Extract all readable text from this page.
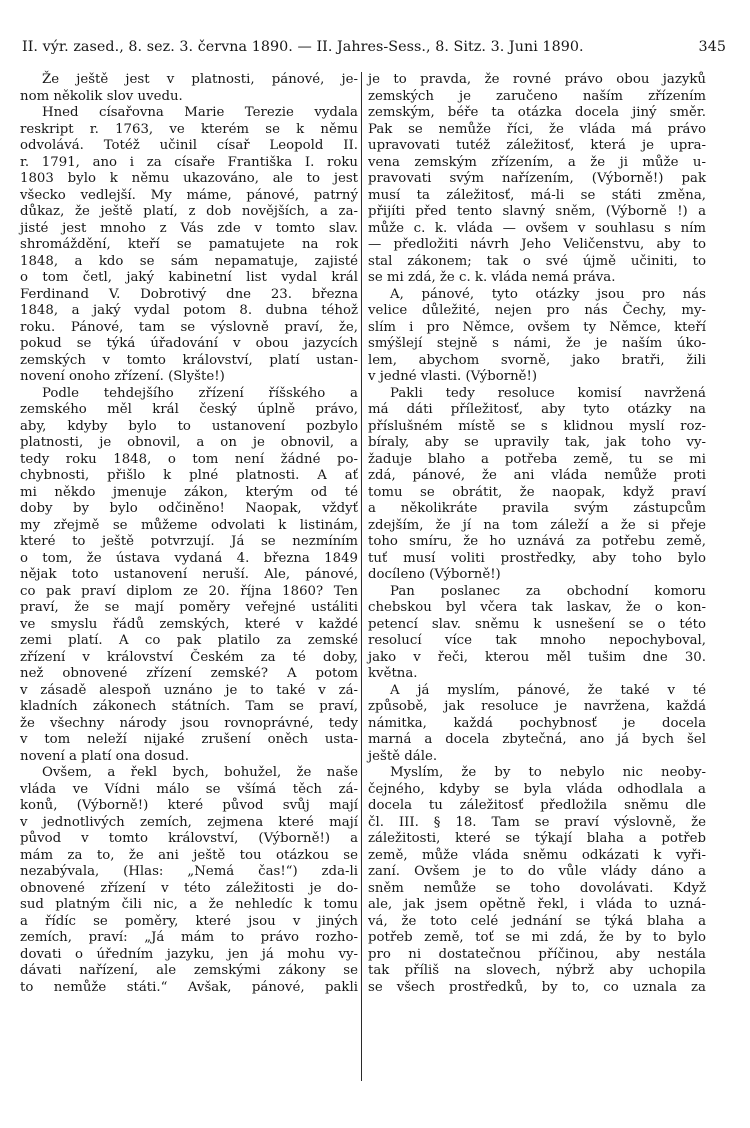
II. výr. zased., 8. sez. 3. června 1890. — II. Jahres-Sess., 8. Sitz. 3. Juni 1890.	345
Že ještě jest v platnosti, pánové, je-
nom několik slov uvedu.
Hned císařovna Marie Terezie vydala
reskript r. 1763, ve kterém se k němu
odvolává. Totéž učinil císař Leopold II.
r. 1791, ano i za císaře Františka I. roku
1803 bylo k němu ukazováno, ale to jest
všecko vedlejší. My máme, pánové, patrný
důkaz, že ještě platí, z dob novějších, a za-
jisté jest mnoho z Vás zde v tomto slav.
shromáždění, kteří se pamatujete na rok
1848, a kdo se sám nepamatuje, zajisté
o tom četl, jaký kabinetní list vydal král
Ferdinand V. Dobrotivý dne 23. března
1848, a jaký vydal potom 8. dubna téhož
roku. Pánové, tam se výslovně praví, že,
pokud se týká úřadování v obou jazycích
zemských v tomto království, platí ustan-
novení onoho zřízení. (Slyšte!)
Podle tehdejšího zřízení říšského a
zemského měl král český úplně právo,
aby, kdyby bylo to ustanovení pozbylo
platnosti, je obnovil, a on je obnovil, a
tedy roku 1848, o tom není žádné po-
chybnosti, přišlo k plné platnosti. A ať
mi někdo jmenuje zákon, kterým od té
doby by bylo odčiněno! Naopak, vždyť
my zřejmě se můžeme odvolati k listinám,
které to ještě potvrzují. Já se nezmíním
o tom, že ústava vydaná 4. března 1849
nějak toto ustanovení neruší. Ale, pánové,
co pak praví diplom ze 20. října 1860? Ten
praví, že se mají poměry veřejné ustáliti
ve smyslu řádů zemských, které v každé
zemi platí. A co pak platilo za zemské
zřízení v království Českém za té doby,
než obnovené zřízení zemské? A potom
v zásadě alespoň uznáno je to také v zá-
kladních zákonech státních. Tam se praví,
že všechny národy jsou rovnoprávné, tedy
v tom neleží nijaké zrušení oněch usta-
novení a platí ona dosud.
Ovšem, a řekl bych, bohužel, že naše
vláda ve Vídni málo se všímá těch zá-
konů, (Výborně!) které původ svůj mají
v jednotlivých zemích, zejmena které mají
původ v tomto království, (Výborně!) a
mám za to, že ani ještě tou otázkou se
nezabývala, (Hlas: „Nemá čas!“) zda-li
obnovené zřízení v této záležitosti je do-
sud platným čili nic, a že nehledíc k tomu
a řídíc se poměry, které jsou v jiných
zemích, praví: „Já mám to právo rozho-
dovati o úředním jazyku, jen já mohu vy-
dávati nařízení, ale zemskými zákony se
to nemůže státi.“ Avšak, pánové, pakli
je to pravda, že rovné právo obou jazyků
zemských je zaručeno naším zřízením
zemským, béře ta otázka docela jiný směr.
Pak se nemůže říci, že vláda má právo
upravovati tutéž záležitosť, která je upra-
vena zemským zřízením, a že ji může u-
pravovati svým nařízením, (Výborně!) pak
musí ta záležitosť, má-li se státi změna,
přijíti před tento slavný sněm, (Výborně !) a
může c. k. vláda — ovšem v souhlasu s ním
— předložiti návrh Jeho Veličenstvu, aby to
stal zákonem; tak o své újmě učiniti, to
se mi zdá, že c. k. vláda nemá práva.
A, pánové, tyto otázky jsou pro nás
velice důležité, nejen pro nás Čechy, my-
slím i pro Němce, ovšem ty Němce, kteří
smýšlejí stejně s námi, že je naším úko-
lem, abychom svorně, jako bratři, žili
v jedné vlasti. (Výborně!)
Pakli tedy resoluce komisí navržená
má dáti příležitosť, aby tyto otázky na
příslušném místě se s klidnou myslí roz-
bíraly, aby se upravily tak, jak toho vy-
žaduje blaho a potřeba země, tu se mi
zdá, pánové, že ani vláda nemůže proti
tomu se obrátit, že naopak, když praví
a několikráte pravila svým zástupcům
zdejším, že jí na tom záleží a že si přeje
toho smíru, že ho uznává za potřebu země,
tuť musí voliti prostředky, aby toho bylo
docíleno (Výborně!)
Pan poslanec za obchodní komoru
chebskou byl včera tak laskav, že o kon-
petencí slav. sněmu k usnešení se o této
resolucí více tak mnoho nepochyboval,
jako v řeči, kterou měl tušim dne 30.
května.
A já myslím, pánové, že také v té
způsobě, jak resoluce je navržena, každá
námitka, každá pochybnosť je docela
marná a docela zbytečná, ano já bych šel
ještě dále.
Myslím, že by to nebylo nic neoby-
čejného, kdyby se byla vláda odhodlala a
docela tu záležitosť předložila sněmu dle
čl. III. § 18. Tam se praví výslovně, že
záležitosti, které se týkají blaha a potřeb
země, může vláda sněmu odkázati k vyři-
zaní. Ovšem je to do vůle vlády dáno a
sněm nemůže se toho dovolávati. Když
ale, jak jsem opětně řekl, i vláda to uzná-
vá, že toto celé jednání se týká blaha a
potřeb země, toť se mi zdá, že by to bylo
pro ni dostatečnou příčinou, aby nestála
tak příliš na slovech, nýbrž aby uchopila
se všech prostředků, by to, co uznala za
